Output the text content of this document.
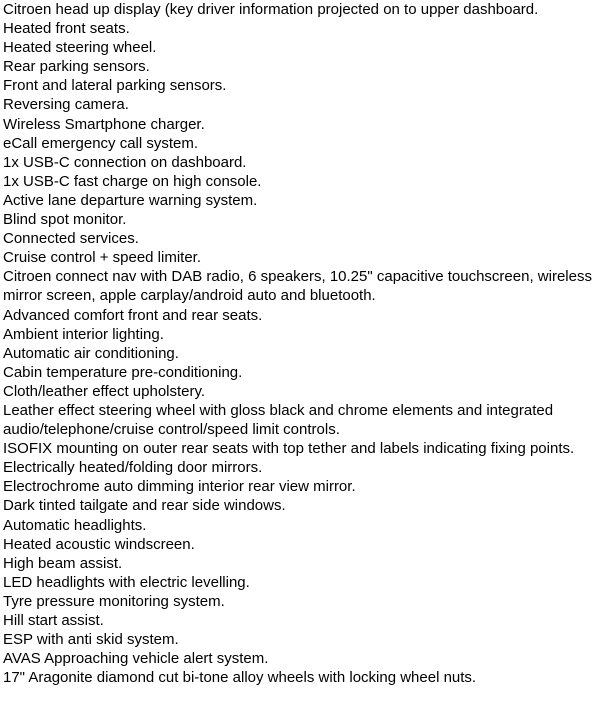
Citroen head up display (key driver information projected on to upper dashboard.
Heated front seats.
Heated steering wheel.
Rear parking sensors.
Front and lateral parking sensors.
Reversing camera.
Wireless Smartphone charger.
eCall emergency call system.
1x USB-C connection on dashboard.
1x USB-C fast charge on high console.
Active lane departure warning system.
Blind spot monitor.
Connected services.
Cruise control + speed limiter.
Citroen connect nav with DAB radio, 6 speakers, 10.25" capacitive touchscreen, wireless mirror screen, apple carplay/android auto and bluetooth.
Advanced comfort front and rear seats.
Ambient interior lighting.
Automatic air conditioning.
Cabin temperature pre-conditioning.
Cloth/leather effect upholstery.
Leather effect steering wheel with gloss black and chrome elements and integrated audio/telephone/cruise control/speed limit controls.
ISOFIX mounting on outer rear seats with top tether and labels indicating fixing points.
Electrically heated/folding door mirrors.
Electrochrome auto dimming interior rear view mirror.
Dark tinted tailgate and rear side windows.
Automatic headlights.
Heated acoustic windscreen.
High beam assist.
LED headlights with electric levelling.
Tyre pressure monitoring system.
Hill start assist.
ESP with anti skid system.
AVAS Approaching vehicle alert system.
17" Aragonite diamond cut bi-tone alloy wheels with locking wheel nuts.
